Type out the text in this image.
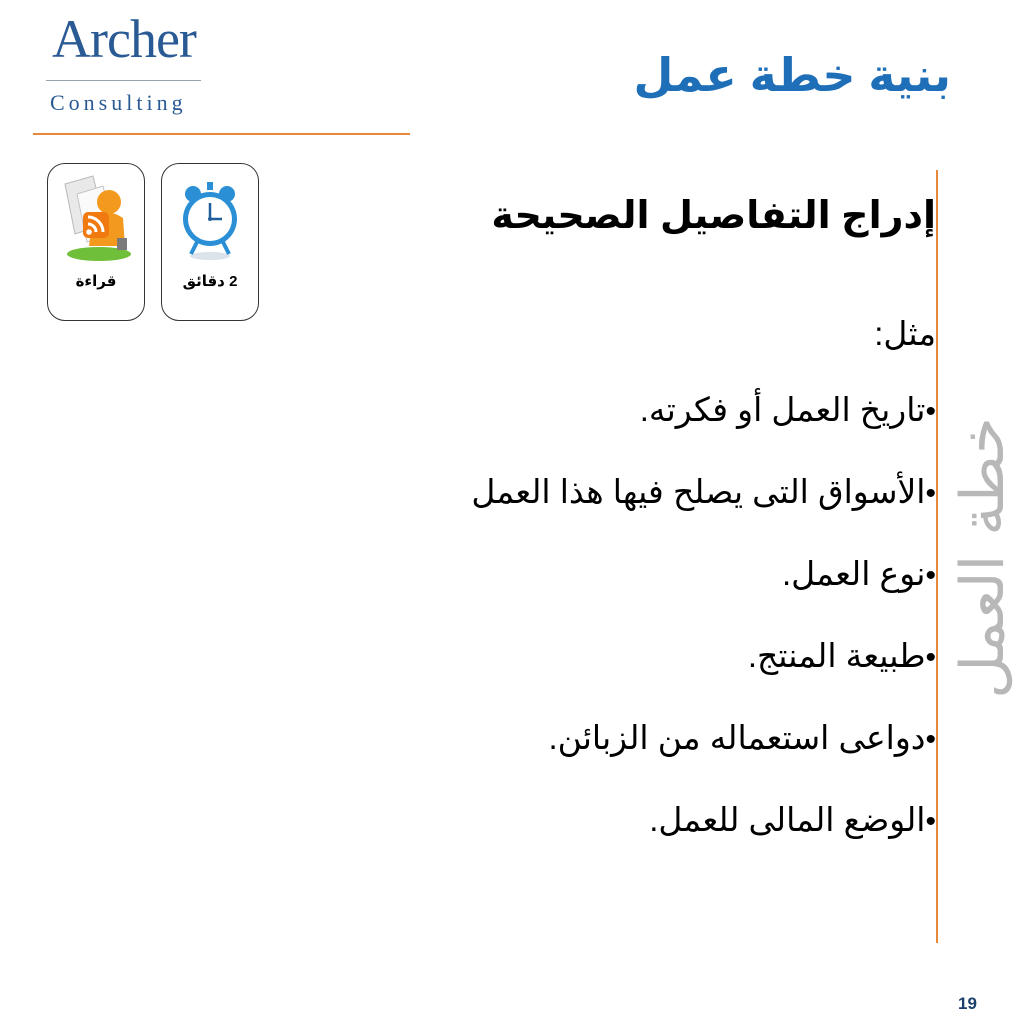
Archer
Consulting
بنية خطة عمل
قراءة	2 دقائق
إدراج التفاصيل الصحيحة
مثل:
•تاريخ العمل أو فكرته.
•الأسواق التى يصلح فيها هذا العمل
•نوع العمل.
•طبيعة المنتج.
•دواعى استعماله من الزبائن.
•الوضع المالى للعمل.
خطة العمل
19
